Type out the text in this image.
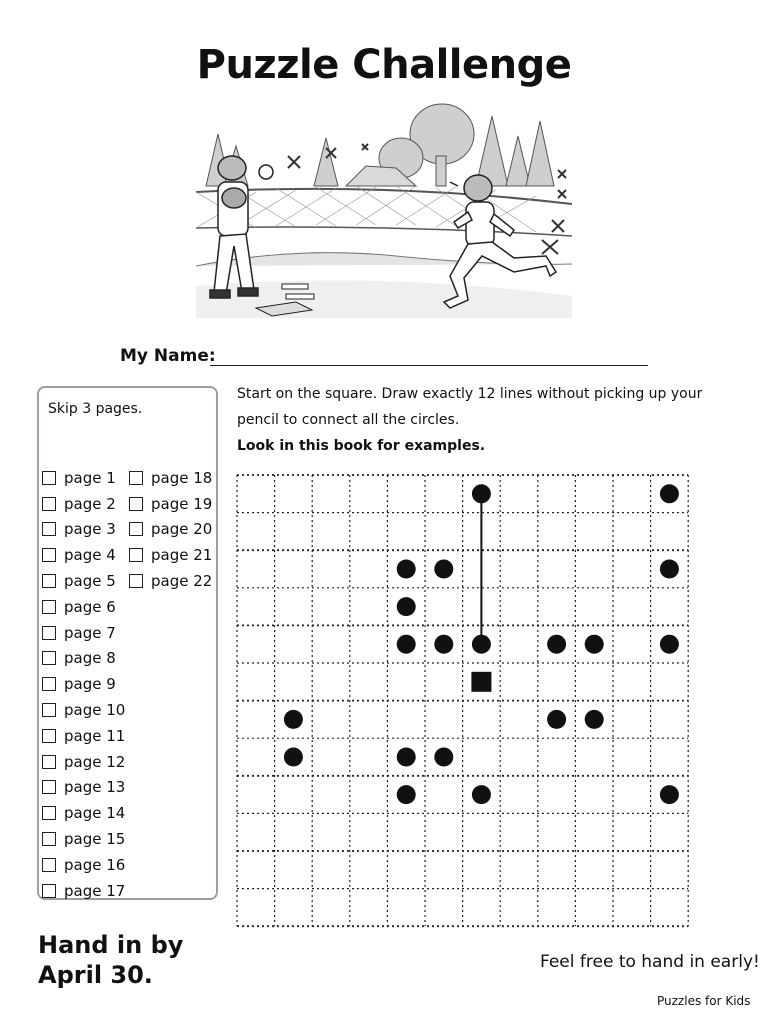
Puzzle Challenge
My Name:
Skip 3 pages.
page 1
page 2
page 3
page 4
page 5
page 6
page 7
page 8
page 9
page 10
page 11
page 12
page 13
page 14
page 15
page 16
page 17
page 18
page 19
page 20
page 21
page 22
Start on the square. Draw exactly 12 lines without picking up your pencil to connect all the circles.
Look in this book for examples.
Hand in by April 30.	Feel free to hand in early!
Puzzles for Kids
